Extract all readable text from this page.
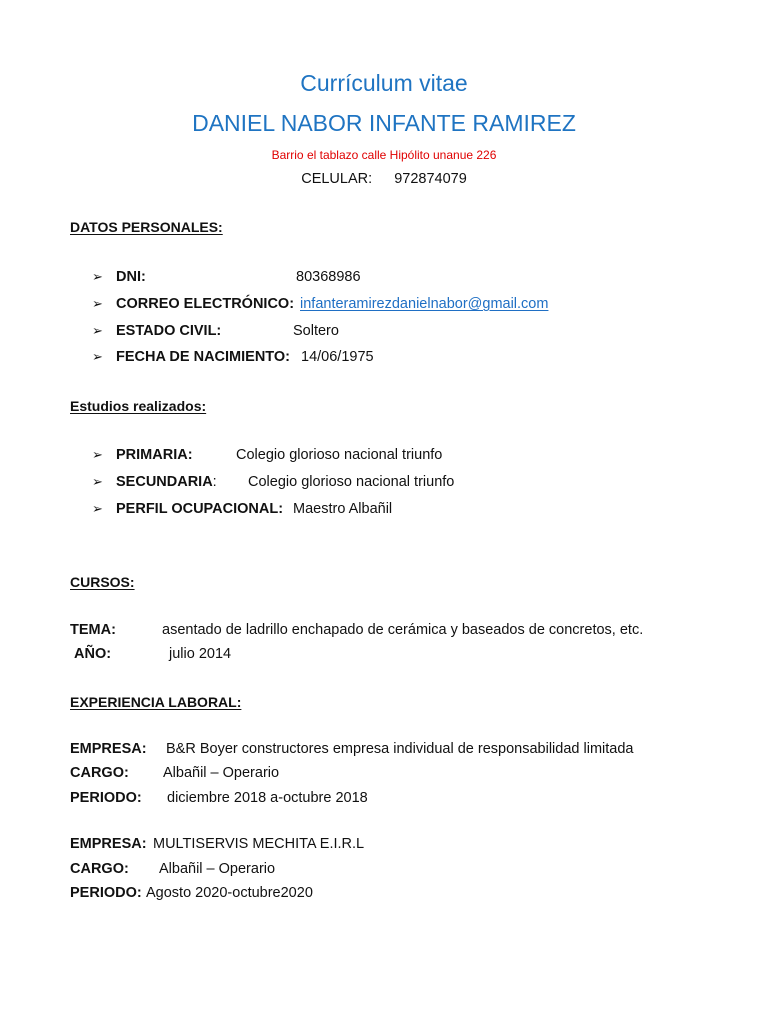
Currículum vitae
DANIEL NABOR INFANTE RAMIREZ
Barrio el tablazo calle Hipólito unanue 226
CELULAR: 972874079
DATOS PERSONALES:
➢ DNI:	80368986
➢ CORREO ELECTRÓNICO: infanteramirezdanielnabor@gmail.com
➢ ESTADO CIVIL:	Soltero
➢ FECHA DE NACIMIENTO: 14/06/1975
Estudios realizados:
➢ PRIMARIA:	Colegio glorioso nacional triunfo
➢ SECUNDARIA: Colegio glorioso nacional triunfo
➢ PERFIL OCUPACIONAL: Maestro Albañil
CURSOS:
TEMA:	asentado de ladrillo enchapado de cerámica y baseados de concretos, etc.
AÑO:	julio 2014
EXPERIENCIA LABORAL:
EMPRESA: B&R Boyer constructores empresa individual de responsabilidad limitada
CARGO: Albañil – Operario
PERIODO: diciembre 2018 a-octubre 2018
EMPRESA: MULTISERVIS MECHITA E.I.R.L
CARGO: Albañil – Operario
PERIODO: Agosto 2020-octubre2020
